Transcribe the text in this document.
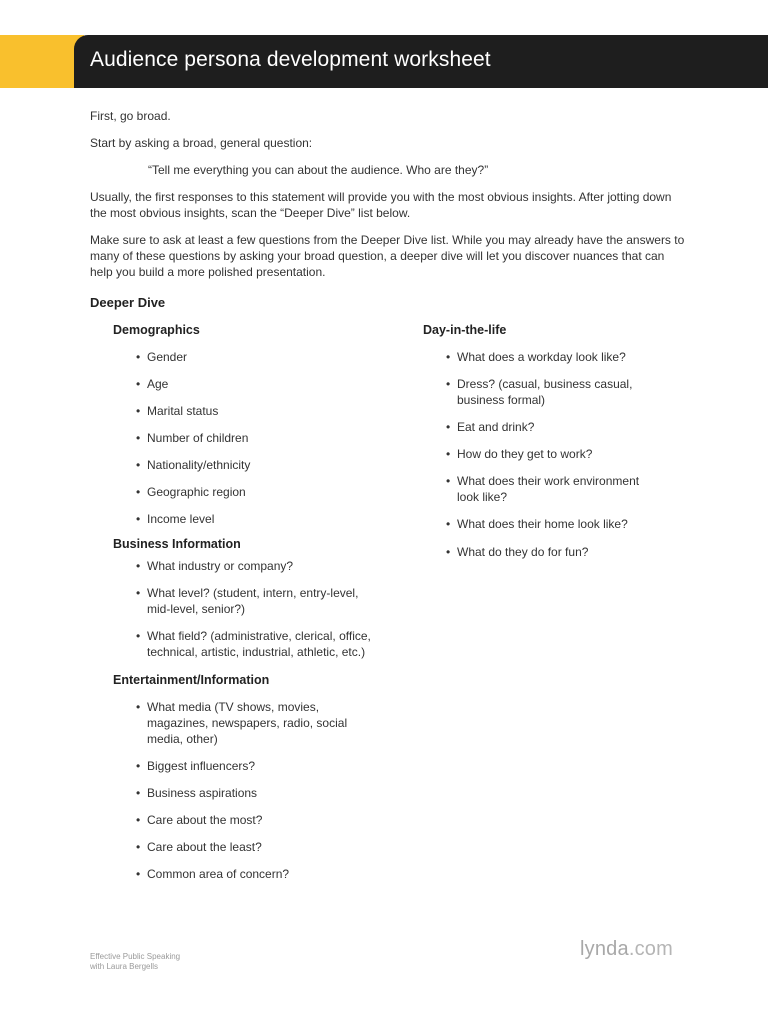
Audience persona development worksheet

First, go broad.

Start by asking a broad, general question:

“Tell me everything you can about the audience. Who are they?”

Usually, the first responses to this statement will provide you with the most obvious insights. After jotting down the most obvious insights, scan the “Deeper Dive” list below.

Make sure to ask at least a few questions from the Deeper Dive list. While you may already have the answers to many of these questions by asking your broad question, a deeper dive will let you discover nuances that can help you build a more polished presentation.

Deeper Dive
Demographics
• Gender
• Age
• Marital status
• Number of children
• Nationality/ethnicity
• Geographic region
• Income level
Business Information
• What industry or company?
• What level? (student, intern, entry-level, mid-level, senior?)
• What field? (administrative, clerical, office, technical, artistic, industrial, athletic, etc.)
Entertainment/Information
• What media (TV shows, movies, magazines, newspapers, radio, social media, other)
• Biggest influencers?
• Business aspirations
• Care about the most?
• Care about the least?
• Common area of concern?
Day-in-the-life
• What does a workday look like?
• Dress? (casual, business casual, business formal)
• Eat and drink?
• How do they get to work?
• What does their work environment look like?
• What does their home look like?
• What do they do for fun?
Effective Public Speaking
with Laura Bergells
lynda.com
